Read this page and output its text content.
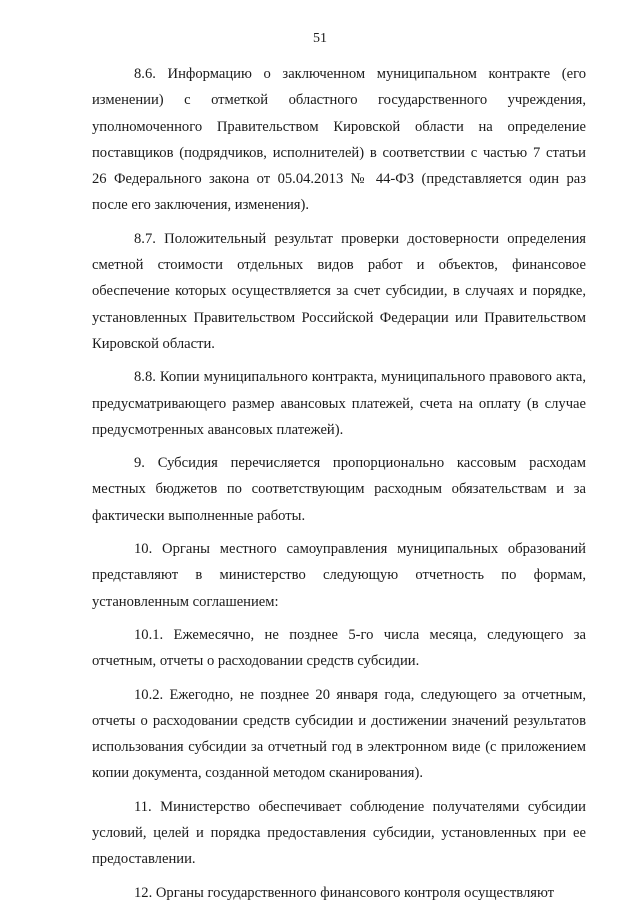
51

8.6. Информацию о заключенном муниципальном контракте (его изменении) с отметкой областного государственного учреждения, уполномоченного Правительством Кировской области на определение поставщиков (подрядчиков, исполнителей) в соответствии с частью 7 статьи 26 Федерального закона от 05.04.2013 № 44-ФЗ (представляется один раз после его заключения, изменения).

8.7. Положительный результат проверки достоверности определения сметной стоимости отдельных видов работ и объектов, финансовое обеспечение которых осуществляется за счет субсидии, в случаях и порядке, установленных Правительством Российской Федерации или Правительством Кировской области.

8.8. Копии муниципального контракта, муниципального правового акта, предусматривающего размер авансовых платежей, счета на оплату (в случае предусмотренных авансовых платежей).

9. Субсидия перечисляется пропорционально кассовым расходам местных бюджетов по соответствующим расходным обязательствам и за фактически выполненные работы.

10. Органы местного самоуправления муниципальных образований представляют в министерство следующую отчетность по формам, установленным соглашением:

10.1. Ежемесячно, не позднее 5-го числа месяца, следующего за отчетным, отчеты о расходовании средств субсидии.

10.2. Ежегодно, не позднее 20 января года, следующего за отчетным, отчеты о расходовании средств субсидии и достижении значений результатов использования субсидии за отчетный год в электронном виде (с приложением копии документа, созданной методом сканирования).

11. Министерство обеспечивает соблюдение получателями субсидии условий, целей и порядка предоставления субсидии, установленных при ее предоставлении.

12. Органы государственного финансового контроля осуществляют
